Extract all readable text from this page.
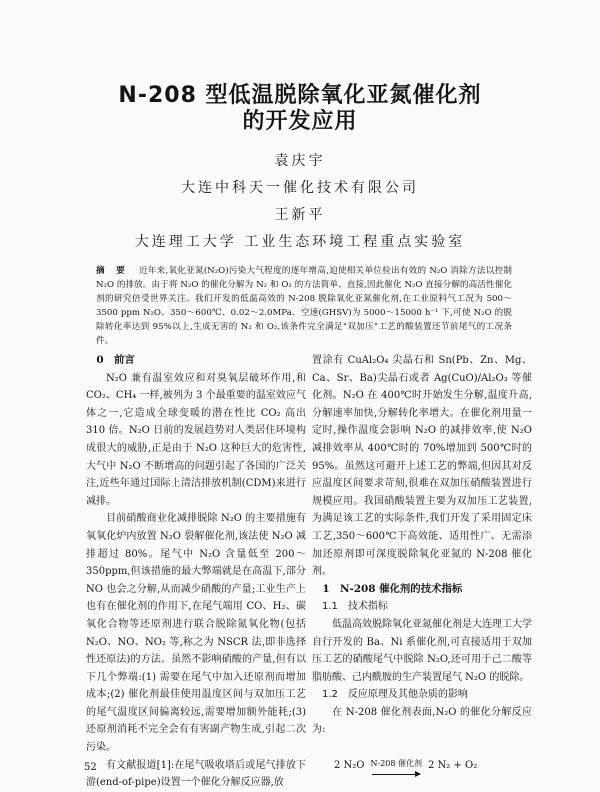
N-208 型低温脱除氧化亚氮催化剂
的开发应用
袁庆宇
大连中科天一催化技术有限公司
王新平
大连理工大学 工业生态环境工程重点实验室
摘 要 近年来,氧化亚氮(N₂O)污染大气程度的逐年增高,迫使相关单位检出有效的 N₂O 消除方法以控制 N₂O 的排放。由于将 N₂O 的催化分解为 N₂ 和 O₂ 的方法简单、直接,因此催化 N₂O 直接分解的高活性催化剂的研究倍受世界关注。我们开发的低温高效的 N-208 脱除氧化亚氮催化剂,在工业原料气工况为 500～3500 ppm N₂O、350～600℃、0.02～2.0MPa、空速(GHSV)为 5000～15000 h⁻¹ 下,可使 N₂O 的脱除转化率达到 95%以上,生成无害的 N₂ 和 O₂,该条件完全满足"双加压"工艺的酸装置还节前尾气的工况条件。
0　前言

N₂O 兼有温室效应和对臭氧层破坏作用,和 CO₂、CH₄ 一样,被列为 3 个最重要的温室效应气体之一,它造成全球变暖的潜在性比 CO₂ 高出 310 倍。N₂O 日前的发展趋势对人类居住环境构成很大的威胁,正是由于 N₂O 这种巨大的危害性,大气中 N₂O 不断增高的问题引起了各国的广泛关注,近些年通过国际上清洁排放机制(CDM)来进行减排。

目前硝酸商业化减排脱除 N₂O 的主要措施有氧氧化炉内放置 N₂O 裂解催化剂,该法使 N₂O 减排超过 80%。尾气中 N₂O 含量低至 200～350ppm,但该措施的最大弊端就是在高温下,部分 NO 也会之分解,从而减少硝酸的产量;工业生产上也有在催化剂的作用下,在尾气端用 CO、H₂、碳氧化合物等还原剂进行联合脱除氮氧化物(包括 N₂O、NO、NO₂ 等,称之为 NSCR 法,即非选择性还原法)的方法。虽然不影响硝酸的产量,但有以下几个弊端:(1) 需要在尾气中加入还原剂而增加成本;(2) 催化剂最佳使用温度区间与双加压工艺的尾气温度区间偏离较远,需要增加额外能耗;(3) 还原剂消耗不完全会有有害副产物生成,引起二次污染。

有文献报道[1]:在尾气吸收塔后或尾气排放下游(end-of-pipe)设置一个催化分解反应器,放

置涂有 CuAl₂O₄ 尖晶石和 Sn(Pb、Zn、Mg、Ca、Sr、Ba)尖晶石或者 Ag(CuO)/Al₂O₃ 等催化剂。N₂O 在 400℃时开始发生分解,温度升高,分解速率加快,分解转化率增大。在催化剂用量一定时,操作温度会影响 N₂O 的减排效率,使 N₂O 减排效率从 400℃时的 70%增加到 500℃时的 95%。虽然这可避开上述工艺的弊端,但因其对反应温度区间要求苛刻,很难在双加压硝酸装置进行规模应用。我国硝酸装置主要为双加压工艺装置,为满足该工艺的实际条件,我们开发了采用固定床工艺,350～600℃下高效能、适用性广、无需添加还原剂即可深度脱除氧化亚氮的 N-208 催化剂。

1　N-208 催化剂的技术指标
1.1　技术指标

低温高效脱除氧化亚氮催化剂是大连理工大学自行开发的 Ba、Ni 系催化剂,可直接适用于双加压工艺的硝酸尾气中脱除 N₂O,还可用于己二酸等脂肪酸、己内酰胺的生产装置尾气 N₂O 的脱除。

1.2　反应原理及其他杂质的影响

在 N-208 催化剂表面,N₂O 的催化分解反应为:

2 N₂O N-208 催化剂 2 N₂ + O₂
52
